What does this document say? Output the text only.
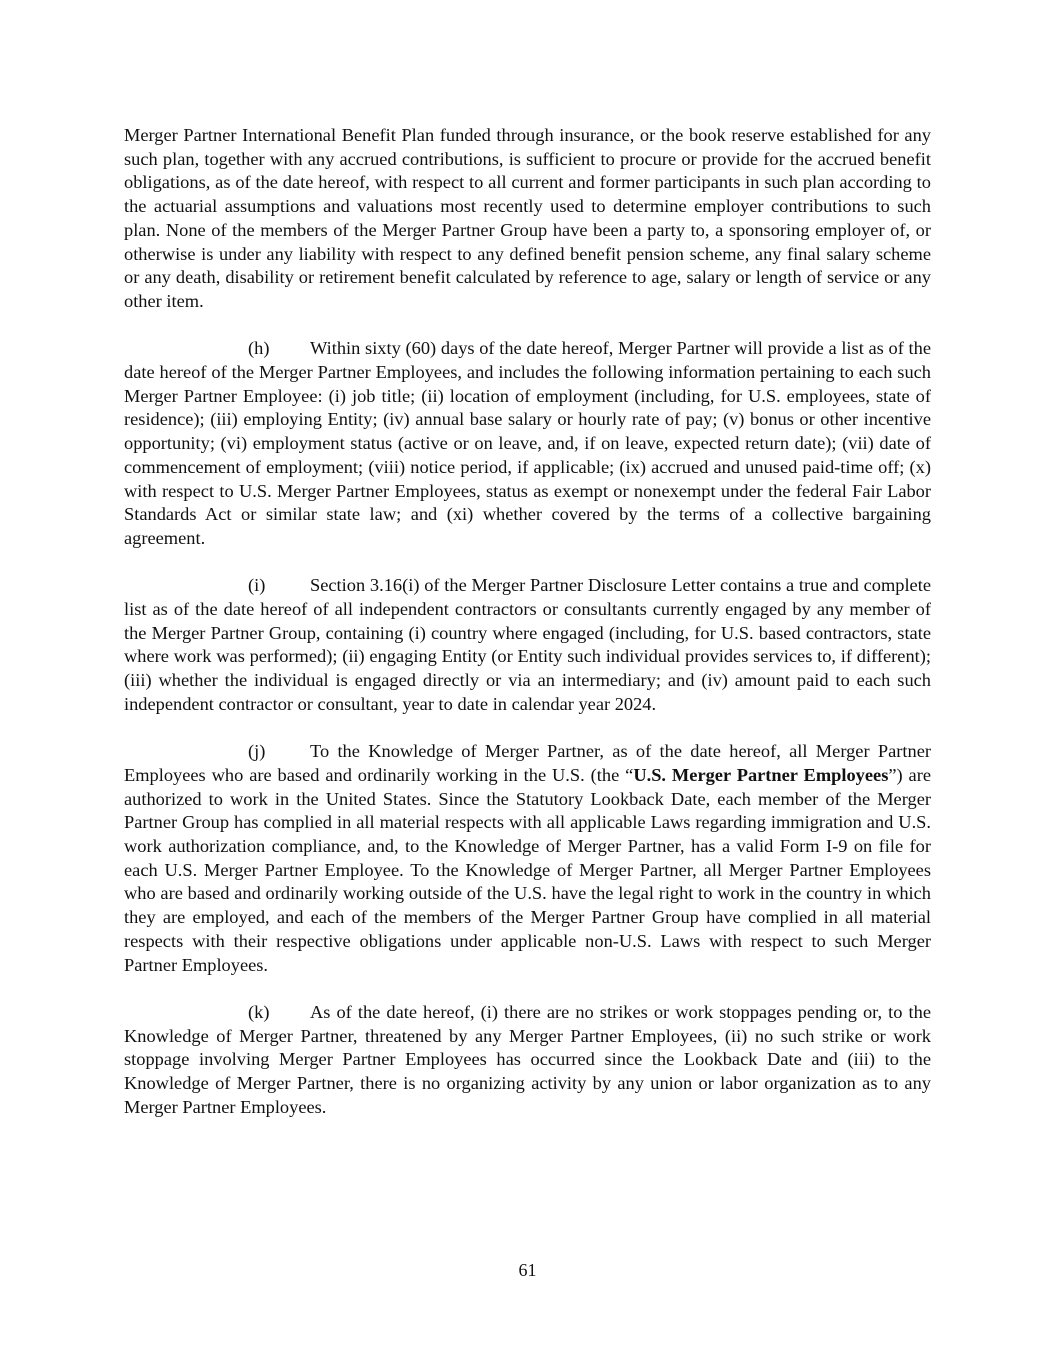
Merger Partner International Benefit Plan funded through insurance, or the book reserve established for any such plan, together with any accrued contributions, is sufficient to procure or provide for the accrued benefit obligations, as of the date hereof, with respect to all current and former participants in such plan according to the actuarial assumptions and valuations most recently used to determine employer contributions to such plan. None of the members of the Merger Partner Group have been a party to, a sponsoring employer of, or otherwise is under any liability with respect to any defined benefit pension scheme, any final salary scheme or any death, disability or retirement benefit calculated by reference to age, salary or length of service or any other item.

(h) Within sixty (60) days of the date hereof, Merger Partner will provide a list as of the date hereof of the Merger Partner Employees, and includes the following information pertaining to each such Merger Partner Employee: (i) job title; (ii) location of employment (including, for U.S. employees, state of residence); (iii) employing Entity; (iv) annual base salary or hourly rate of pay; (v) bonus or other incentive opportunity; (vi) employment status (active or on leave, and, if on leave, expected return date); (vii) date of commencement of employment; (viii) notice period, if applicable; (ix) accrued and unused paid-time off; (x) with respect to U.S. Merger Partner Employees, status as exempt or nonexempt under the federal Fair Labor Standards Act or similar state law; and (xi) whether covered by the terms of a collective bargaining agreement.

(i) Section 3.16(i) of the Merger Partner Disclosure Letter contains a true and complete list as of the date hereof of all independent contractors or consultants currently engaged by any member of the Merger Partner Group, containing (i) country where engaged (including, for U.S. based contractors, state where work was performed); (ii) engaging Entity (or Entity such individual provides services to, if different); (iii) whether the individual is engaged directly or via an intermediary; and (iv) amount paid to each such independent contractor or consultant, year to date in calendar year 2024.

(j) To the Knowledge of Merger Partner, as of the date hereof, all Merger Partner Employees who are based and ordinarily working in the U.S. (the “U.S. Merger Partner Employees”) are authorized to work in the United States. Since the Statutory Lookback Date, each member of the Merger Partner Group has complied in all material respects with all applicable Laws regarding immigration and U.S. work authorization compliance, and, to the Knowledge of Merger Partner, has a valid Form I-9 on file for each U.S. Merger Partner Employee. To the Knowledge of Merger Partner, all Merger Partner Employees who are based and ordinarily working outside of the U.S. have the legal right to work in the country in which they are employed, and each of the members of the Merger Partner Group have complied in all material respects with their respective obligations under applicable non-U.S. Laws with respect to such Merger Partner Employees.

(k) As of the date hereof, (i) there are no strikes or work stoppages pending or, to the Knowledge of Merger Partner, threatened by any Merger Partner Employees, (ii) no such strike or work stoppage involving Merger Partner Employees has occurred since the Lookback Date and (iii) to the Knowledge of Merger Partner, there is no organizing activity by any union or labor organization as to any Merger Partner Employees.

61
